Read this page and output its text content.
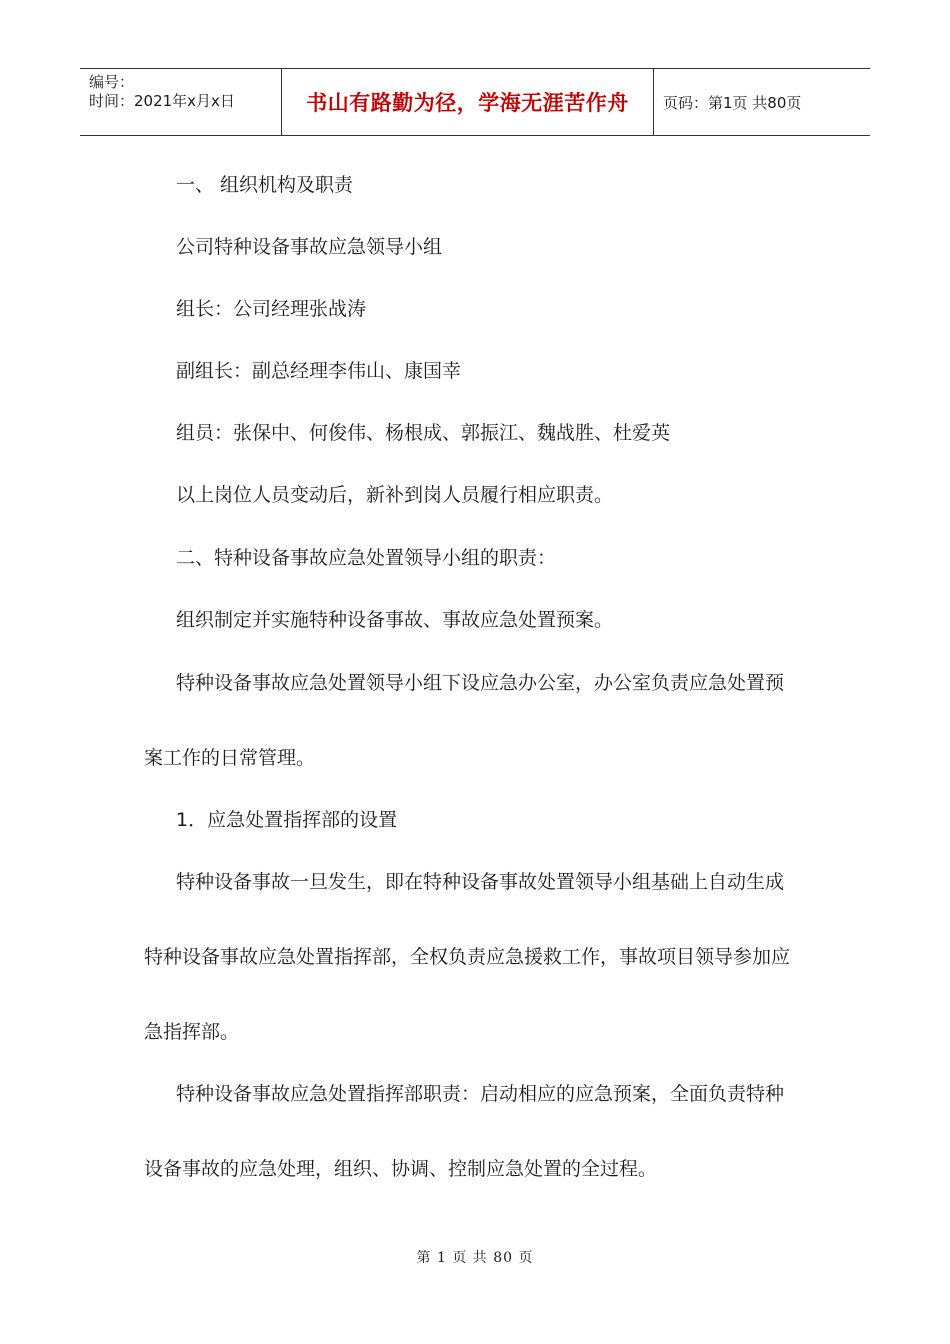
编号：
时间：2021年x月x日	书山有路勤为径，学海无涯苦作舟	页码：第1页 共80页
一、 组织机构及职责
公司特种设备事故应急领导小组
组长：公司经理张战涛
副组长：副总经理李伟山、康国幸
组员：张保中、何俊伟、杨根成、郭振江、魏战胜、杜爱英
以上岗位人员变动后，新补到岗人员履行相应职责。
二、特种设备事故应急处置领导小组的职责：
组织制定并实施特种设备事故、事故应急处置预案。
特种设备事故应急处置领导小组下设应急办公室，办公室负责应急处置预
案工作的日常管理。
1．应急处置指挥部的设置
特种设备事故一旦发生，即在特种设备事故处置领导小组基础上自动生成
特种设备事故应急处置指挥部，全权负责应急援救工作，事故项目领导参加应
急指挥部。
特种设备事故应急处置指挥部职责：启动相应的应急预案，全面负责特种
设备事故的应急处理，组织、协调、控制应急处置的全过程。
第 1 页 共 80 页
